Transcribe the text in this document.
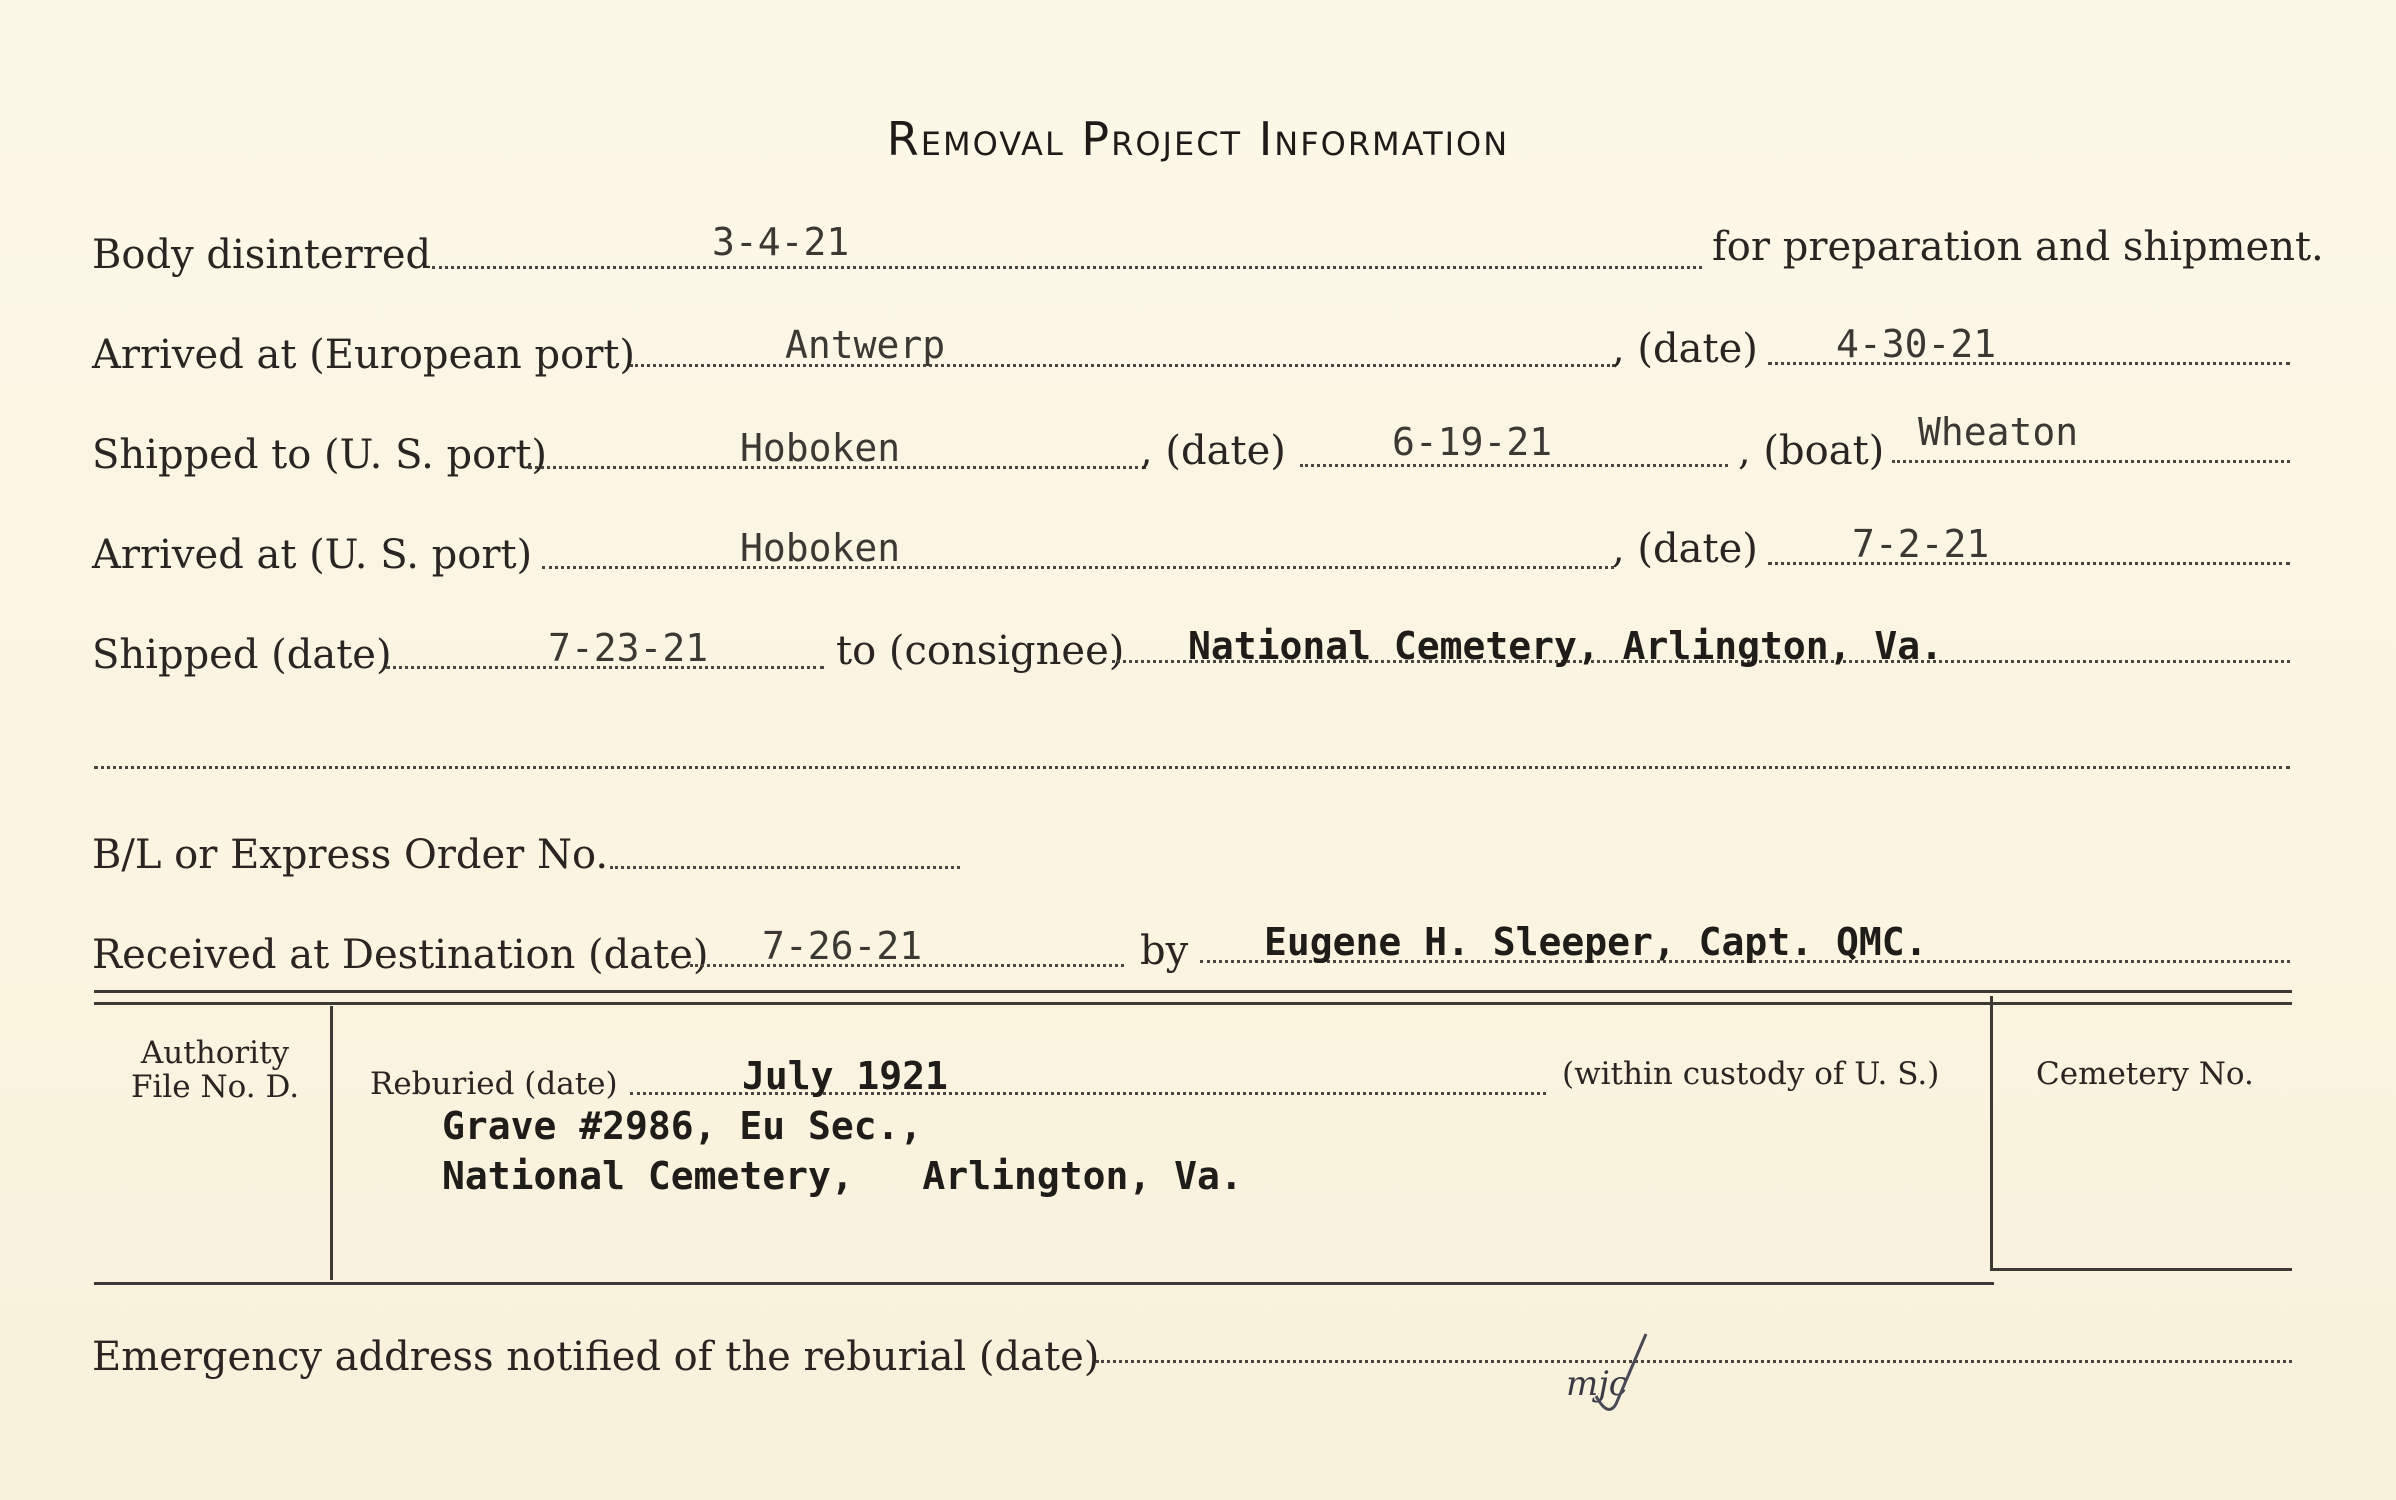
Removal Project Information
Body disinterred	3-4-21	for preparation and shipment.
Arrived at (European port)	Antwerp	, (date) 4-30-21
Shipped to (U. S. port)	Hoboken	, (date)	6-19-21	, (boat) Wheaton
Arrived at (U. S. port)	Hoboken	, (date) 7-2-21
Shipped (date)	7-23-21	to (consignee) National Cemetery, Arlington, Va.
B/L or Express Order No.
Received at Destination (date) 7-26-21	by Eugene H. Sleeper, Capt. QMC.
Authority
File No. D.	Reburied (date)	July 1921	(within custody of U. S.)
Grave #2986, Eu Sec.,
National Cemetery,   Arlington, Va.
Cemetery No.
Emergency address notified of the reburial (date)
mjc
